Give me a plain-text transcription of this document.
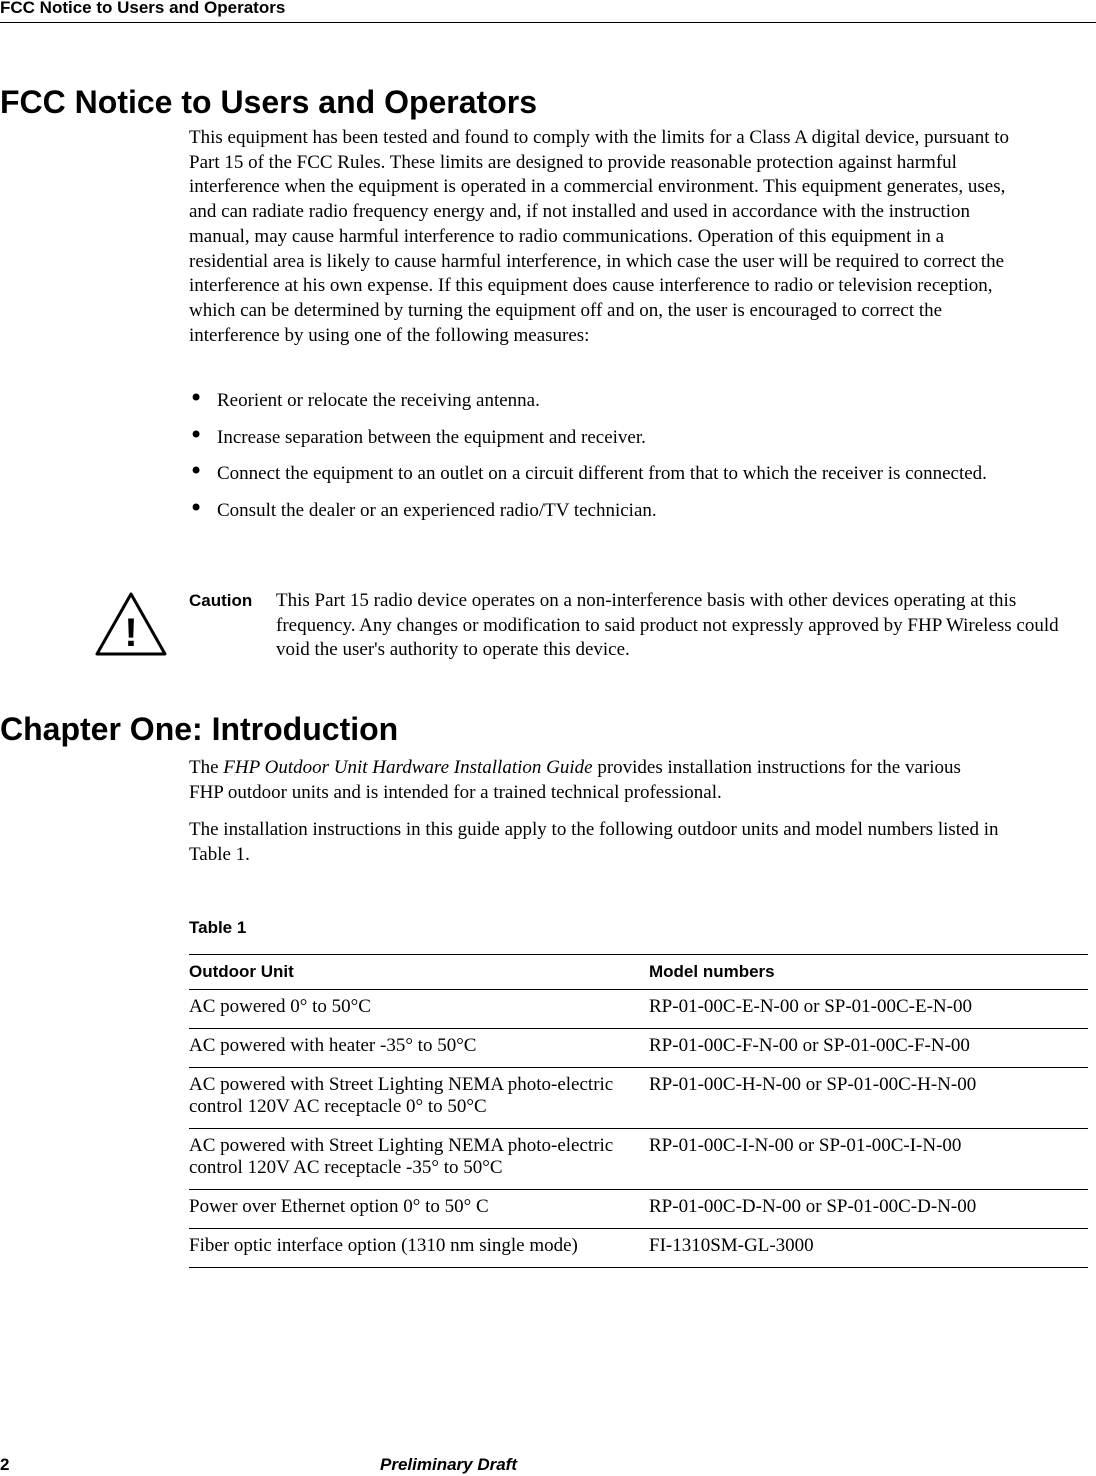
FCC Notice to Users and Operators
FCC Notice to Users and Operators

This equipment has been tested and found to comply with the limits for a Class A digital device, pursuant to Part 15 of the FCC Rules. These limits are designed to provide reasonable protection against harmful interference when the equipment is operated in a commercial environment. This equipment generates, uses, and can radiate radio frequency energy and, if not installed and used in accordance with the instruction manual, may cause harmful interference to radio communications. Operation of this equipment in a residential area is likely to cause harmful interference, in which case the user will be required to correct the interference at his own expense. If this equipment does cause interference to radio or television reception, which can be determined by turning the equipment off and on, the user is encouraged to correct the interference by using one of the following measures:

• Reorient or relocate the receiving antenna.
• Increase separation between the equipment and receiver.
• Connect the equipment to an outlet on a circuit different from that to which the receiver is connected.
• Consult the dealer or an experienced radio/TV technician.
!
Caution This Part 15 radio device operates on a non-interference basis with other devices operating at this frequency. Any changes or modification to said product not expressly approved by FHP Wireless could void the user's authority to operate this device.

Chapter One: Introduction

The FHP Outdoor Unit Hardware Installation Guide provides installation instructions for the various FHP outdoor units and is intended for a trained technical professional.

The installation instructions in this guide apply to the following outdoor units and model numbers listed in Table 1.

Table 1
Outdoor Unit	Model numbers
AC powered 0° to 50°C	RP-01-00C-E-N-00 or SP-01-00C-E-N-00
AC powered with heater -35° to 50°C	RP-01-00C-F-N-00 or SP-01-00C-F-N-00
AC powered with Street Lighting NEMA photo-electric control 120V AC receptacle 0° to 50°C	RP-01-00C-H-N-00 or SP-01-00C-H-N-00
AC powered with Street Lighting NEMA photo-electric control 120V AC receptacle -35° to 50°C	RP-01-00C-I-N-00 or SP-01-00C-I-N-00
Power over Ethernet option 0° to 50° C	RP-01-00C-D-N-00 or SP-01-00C-D-N-00
Fiber optic interface option (1310 nm single mode)	FI-1310SM-GL-3000
2	Preliminary Draft
